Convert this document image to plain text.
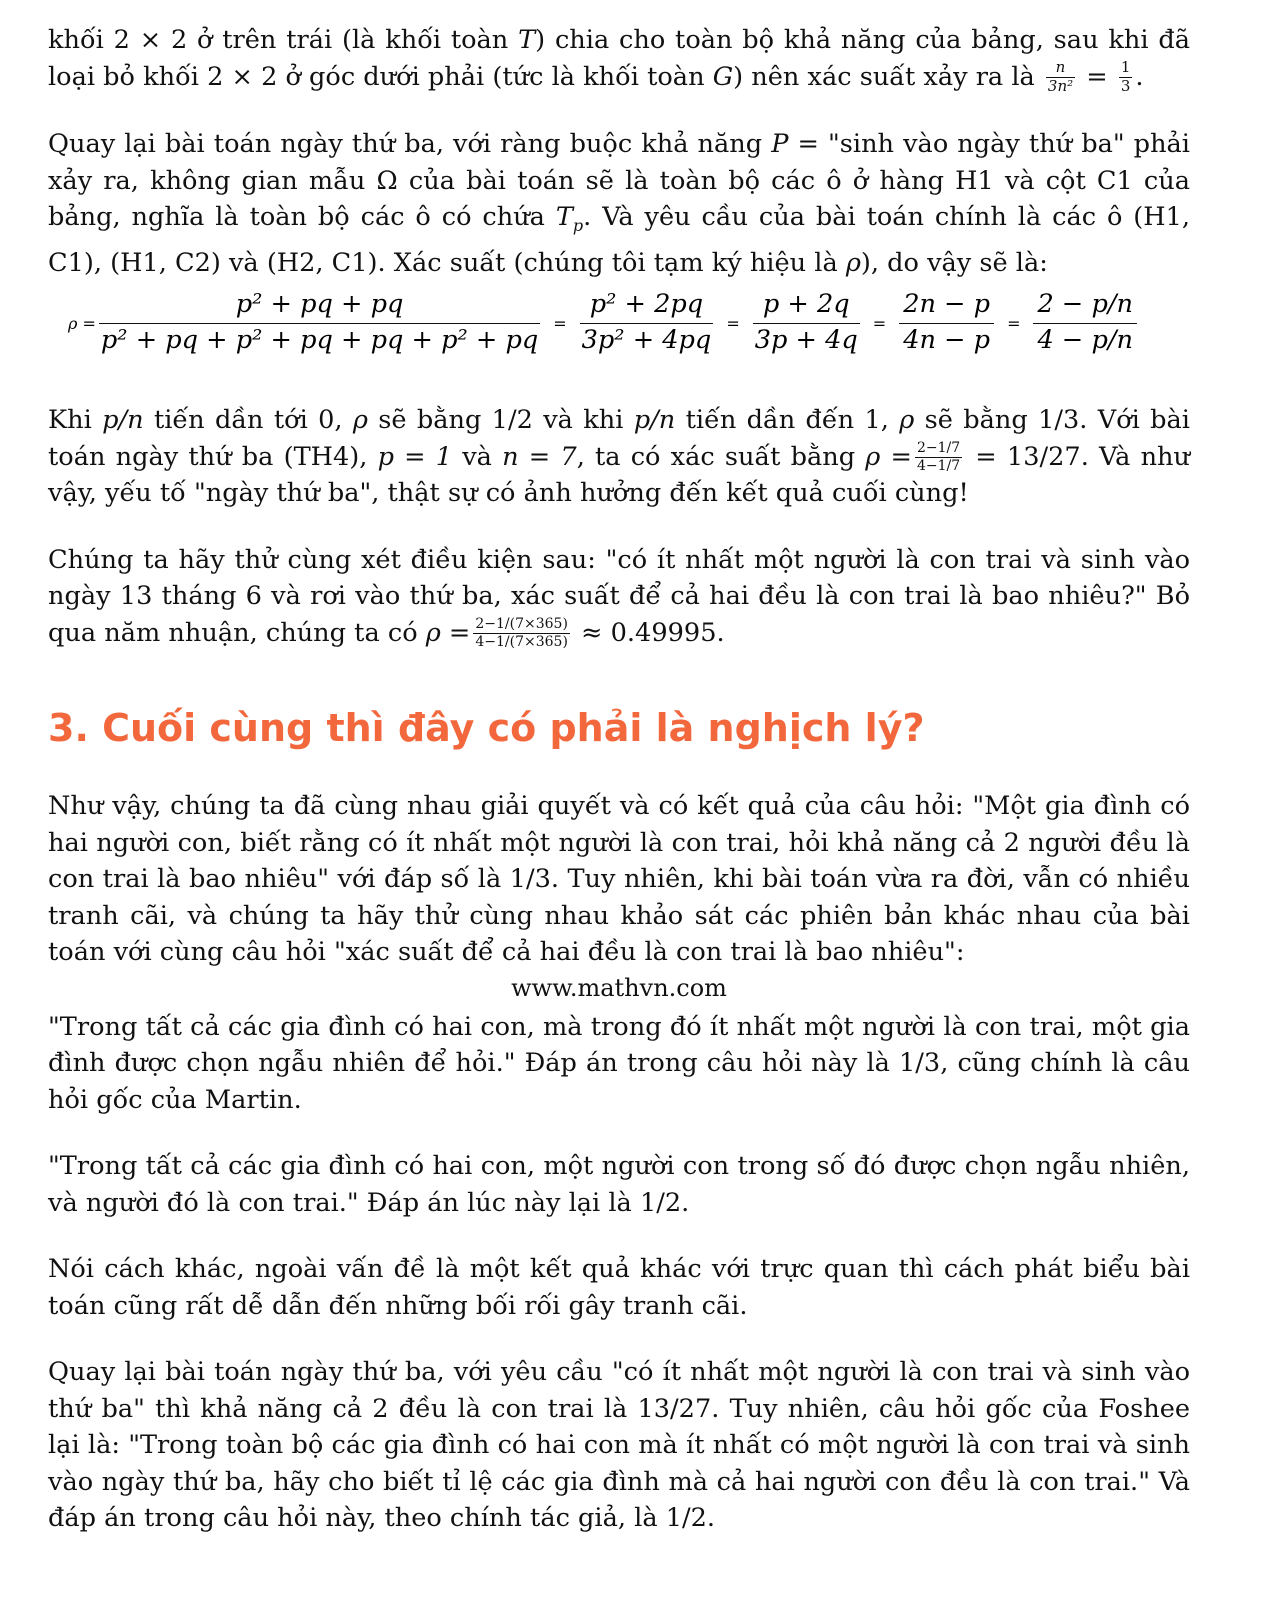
khối 2 × 2 ở trên trái (là khối toàn T) chia cho toàn bộ khả năng của bảng, sau khi đã loại bỏ khối 2 × 2 ở góc dưới phải (tức là khối toàn G) nên xác suất xảy ra là $\frac{n}{\text{3n²}} = \frac{1}{3}$ .

Quay lại bài toán ngày thứ ba, với ràng buộc khả năng P = "sinh vào ngày thứ ba" phải xảy ra, không gian mẫu Ω của bài toán sẽ là toàn bộ các ô ở hàng H1 và cột C1 của bảng, nghĩa là toàn bộ các ô có chứa $T_p$. Và yêu cầu của bài toán chính là các ô (H1, C1), (H1, C2) và (H2, C1). Xác suất (chúng tôi tạm ký hiệu là ρ), do vậy sẽ là:

$\rho = \frac{\text{p² + pq + pq}}{\text{p² + pq + p² + pq + pq + p² + pq}} = \frac{\text{p² + 2pq}}{\text{3p² + 4pq}} = \frac{p + 2q}{3p + 4q} = \frac{2n - p}{4n - p} = \frac{2 - p/n}{4 - p/n}$

Khi p/n tiến dần tới 0, ρ sẽ bằng 1/2 và khi p/n tiến dần đến 1, ρ sẽ bằng 1/3. Với bài toán ngày thứ ba (TH4), p = 1 và n = 7, ta có xác suất bằng $\rho = \frac{2-1/7}{4-1/7} = 13/27$. Và như vậy, yếu tố "ngày thứ ba", thật sự có ảnh hưởng đến kết quả cuối cùng!

Chúng ta hãy thử cùng xét điều kiện sau: "có ít nhất một người là con trai và sinh vào ngày 13 tháng 6 và rơi vào thứ ba, xác suất để cả hai đều là con trai là bao nhiêu?" Bỏ qua năm nhuận, chúng ta có $\rho = \frac{2-1/(7\times 365)}{4-1/(7\times 365)} \approx 0.49995$.

3. Cuối cùng thì đây có phải là nghịch lý?

Như vậy, chúng ta đã cùng nhau giải quyết và có kết quả của câu hỏi: "Một gia đình có hai người con, biết rằng có ít nhất một người là con trai, hỏi khả năng cả 2 người đều là con trai là bao nhiêu" với đáp số là 1/3. Tuy nhiên, khi bài toán vừa ra đời, vẫn có nhiều tranh cãi, và chúng ta hãy thử cùng nhau khảo sát các phiên bản khác nhau của bài toán với cùng câu hỏi "xác suất để cả hai đều là con trai là bao nhiêu":

www.mathvn.com

"Trong tất cả các gia đình có hai con, mà trong đó ít nhất một người là con trai, một gia đình được chọn ngẫu nhiên để hỏi." Đáp án trong câu hỏi này là 1/3, cũng chính là câu hỏi gốc của Martin.

"Trong tất cả các gia đình có hai con, một người con trong số đó được chọn ngẫu nhiên, và người đó là con trai." Đáp án lúc này lại là 1/2.

Nói cách khác, ngoài vấn đề là một kết quả khác với trực quan thì cách phát biểu bài toán cũng rất dễ dẫn đến những bối rối gây tranh cãi.

Quay lại bài toán ngày thứ ba, với yêu cầu "có ít nhất một người là con trai và sinh vào thứ ba" thì khả năng cả 2 đều là con trai là 13/27. Tuy nhiên, câu hỏi gốc của Foshee lại là: "Trong toàn bộ các gia đình có hai con mà ít nhất có một người là con trai và sinh vào ngày thứ ba, hãy cho biết tỉ lệ các gia đình mà cả hai người con đều là con trai." Và đáp án trong câu hỏi này, theo chính tác giả, là 1/2.
